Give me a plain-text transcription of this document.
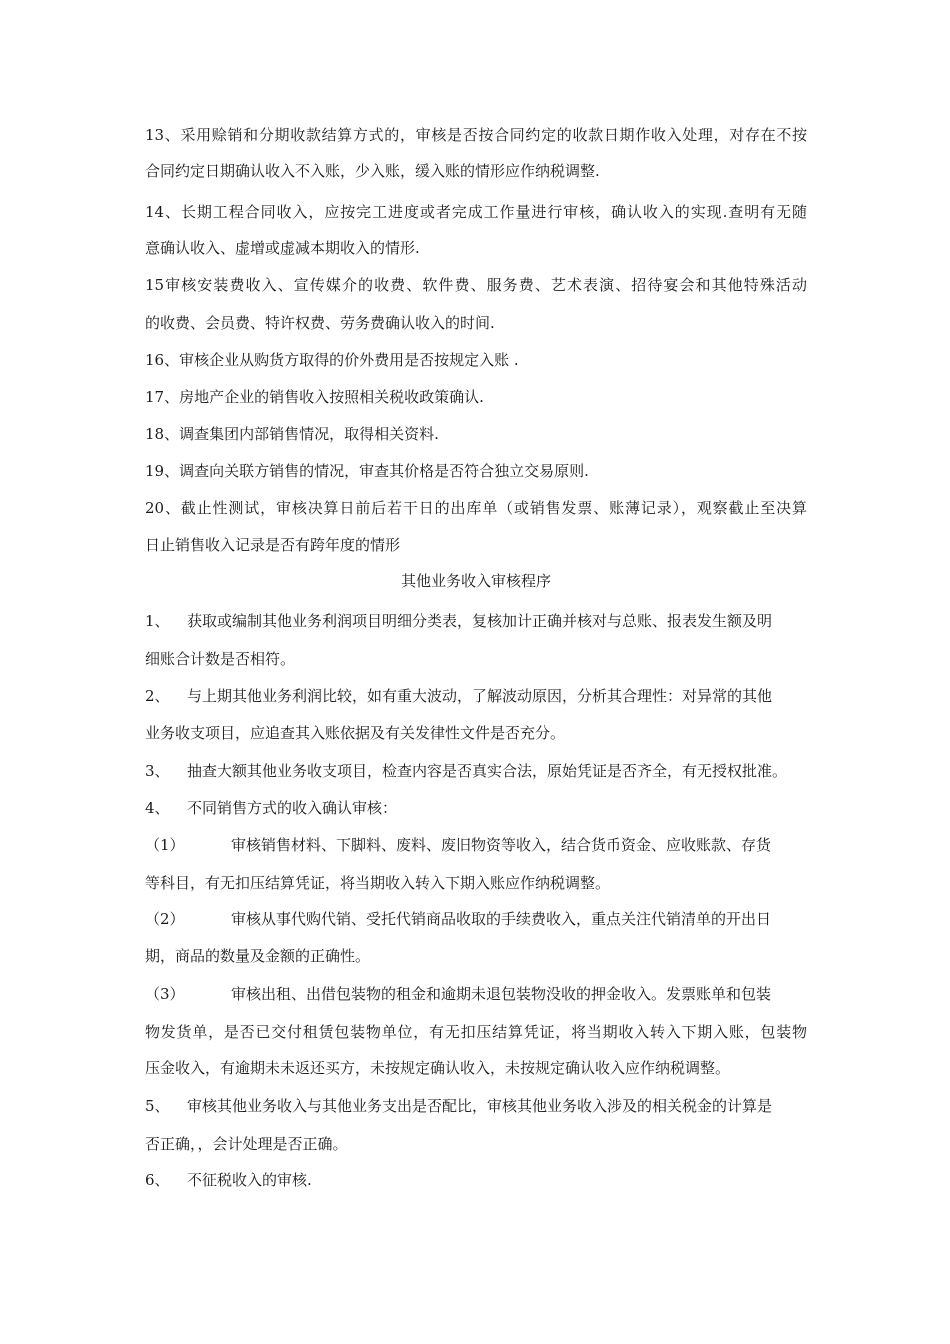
13、采用赊销和分期收款结算方式的，审核是否按合同约定的收款日期作收入处理，对存在不按
合同约定日期确认收入不入账，少入账，缓入账的情形应作纳税调整.
14、长期工程合同收入，应按完工进度或者完成工作量进行审核，确认收入的实现.查明有无随
意确认收入、虚增或虚减本期收入的情形.
15审核安装费收入、宣传媒介的收费、软件费、服务费、艺术表演、招待宴会和其他特殊活动
的收费、会员费、特许权费、劳务费确认收入的时间.
16、审核企业从购货方取得的价外费用是否按规定入账 .
17、房地产企业的销售收入按照相关税收政策确认.
18、调查集团内部销售情况，取得相关资料.
19、调查向关联方销售的情况，审查其价格是否符合独立交易原则.
20、截止性测试，审核决算日前后若干日的出库单（或销售发票、账薄记录），观察截止至决算
日止销售收入记录是否有跨年度的情形
其他业务收入审核程序
1、 获取或编制其他业务利润项目明细分类表，复核加计正确并核对与总账、报表发生额及明
细账合计数是否相符。
2、 与上期其他业务利润比较，如有重大波动，了解波动原因，分析其合理性：对异常的其他
业务收支项目，应追查其入账依据及有关发律性文件是否充分。
3、 抽查大额其他业务收支项目，检查内容是否真实合法，原始凭证是否齐全，有无授权批准。
4、 不同销售方式的收入确认审核：
（1）	审核销售材料、下脚料、废料、废旧物资等收入，结合货币资金、应收账款、存货
等科目，有无扣压结算凭证，将当期收入转入下期入账应作纳税调整。
（2）	审核从事代购代销、受托代销商品收取的手续费收入，重点关注代销清单的开出日
期，商品的数量及金额的正确性。
（3）	审核出租、出借包装物的租金和逾期未退包装物没收的押金收入。发票账单和包装
物发货单，是否已交付租赁包装物单位，有无扣压结算凭证，将当期收入转入下期入账，包装物
压金收入，有逾期未未返还买方，未按规定确认收入，未按规定确认收入应作纳税调整。
5、 审核其他业务收入与其他业务支出是否配比，审核其他业务收入涉及的相关税金的计算是
否正确，，会计处理是否正确。
6、 不征税收入的审核.
